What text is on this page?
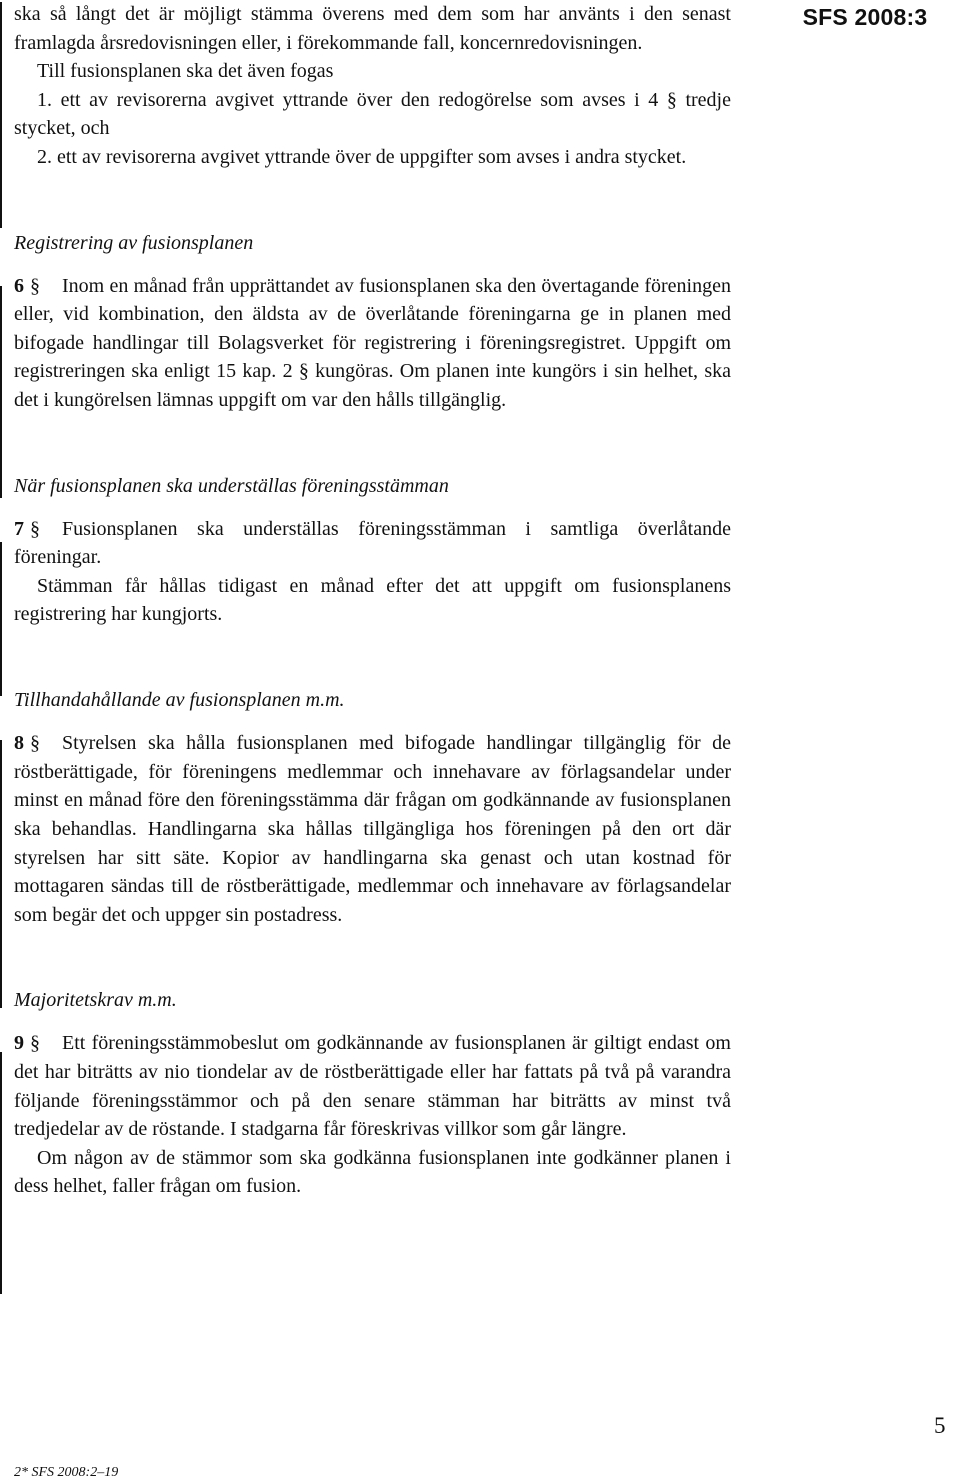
SFS 2008:3

ska så långt det är möjligt stämma överens med dem som har använts i den senast framlagda årsredovisningen eller, i förekommande fall, koncernredovisningen.

Till fusionsplanen ska det även fogas

1. ett av revisorerna avgivet yttrande över den redogörelse som avses i 4 § tredje stycket, och

2. ett av revisorerna avgivet yttrande över de uppgifter som avses i andra stycket.

Registrering av fusionsplanen

6 § Inom en månad från upprättandet av fusionsplanen ska den övertagande föreningen eller, vid kombination, den äldsta av de överlåtande föreningarna ge in planen med bifogade handlingar till Bolagsverket för registrering i föreningsregistret. Uppgift om registreringen ska enligt 15 kap. 2 § kungöras. Om planen inte kungörs i sin helhet, ska det i kungörelsen lämnas uppgift om var den hålls tillgänglig.

När fusionsplanen ska underställas föreningsstämman

7 § Fusionsplanen ska underställas föreningsstämman i samtliga överlåtande föreningar.

Stämman får hållas tidigast en månad efter det att uppgift om fusionsplanens registrering har kungjorts.

Tillhandahållande av fusionsplanen m.m.

8 § Styrelsen ska hålla fusionsplanen med bifogade handlingar tillgänglig för de röstberättigade, för föreningens medlemmar och innehavare av förlagsandelar under minst en månad före den föreningsstämma där frågan om godkännande av fusionsplanen ska behandlas. Handlingarna ska hållas tillgängliga hos föreningen på den ort där styrelsen har sitt säte. Kopior av handlingarna ska genast och utan kostnad för mottagaren sändas till de röstberättigade, medlemmar och innehavare av förlagsandelar som begär det och uppger sin postadress.

Majoritetskrav m.m.

9 § Ett föreningsstämmobeslut om godkännande av fusionsplanen är giltigt endast om det har biträtts av nio tiondelar av de röstberättigade eller har fattats på två på varandra följande föreningsstämmor och på den senare stämman har biträtts av minst två tredjedelar av de röstande. I stadgarna får föreskrivas villkor som går längre.

Om någon av de stämmor som ska godkänna fusionsplanen inte godkänner planen i dess helhet, faller frågan om fusion.

5
2* SFS 2008:2–19
